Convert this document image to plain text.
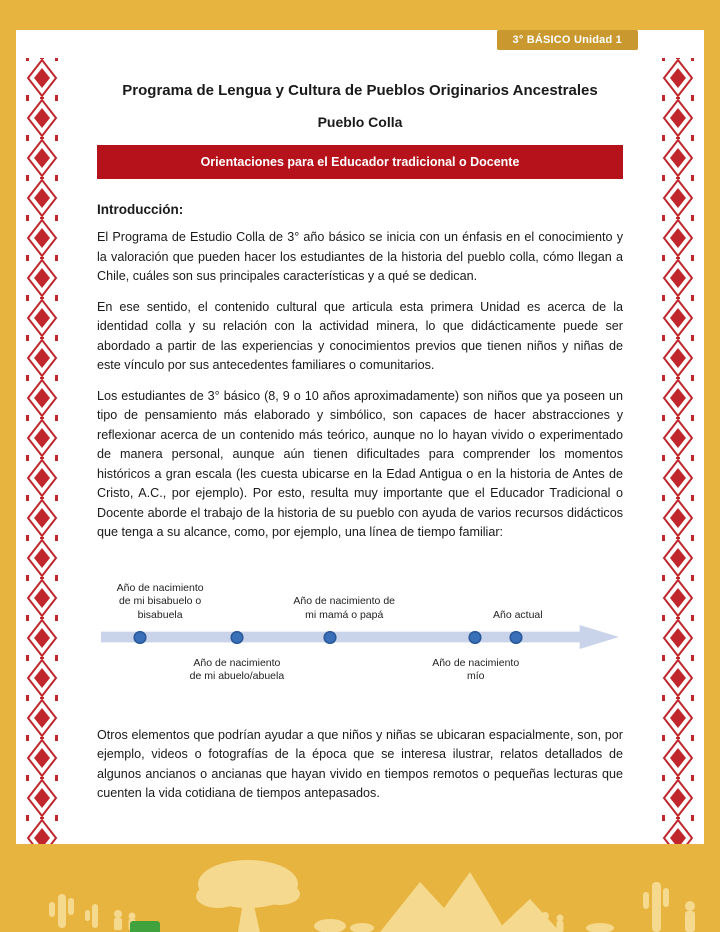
3° BÁSICO Unidad 1
Programa de Lengua y Cultura de Pueblos Originarios Ancestrales
Pueblo Colla
Orientaciones para el Educador tradicional o Docente
Introducción:

El Programa de Estudio Colla de 3° año básico se inicia con un énfasis en el conocimiento y la valoración que pueden hacer los estudiantes de la historia del pueblo colla, cómo llegan a Chile, cuáles son sus principales características y a qué se dedican.

En ese sentido, el contenido cultural que articula esta primera Unidad es acerca de la identidad colla y su relación con la actividad minera, lo que didácticamente puede ser abordado a partir de las experiencias y conocimientos previos que tienen niños y niñas de este vínculo por sus antecedentes familiares o comunitarios.

Los estudiantes de 3° básico (8, 9 o 10 años aproximadamente) son niños que ya poseen un tipo de pensamiento más elaborado y simbólico, son capaces de hacer abstracciones y reflexionar acerca de un contenido más teórico, aunque no lo hayan vivido o experimentado de manera personal, aunque aún tienen dificultades para comprender los momentos históricos a gran escala (les cuesta ubicarse en la Edad Antigua o en la historia de Antes de Cristo, A.C., por ejemplo). Por esto, resulta muy importante que el Educador Tradicional o Docente aborde el trabajo de la historia de su pueblo con ayuda de varios recursos didácticos que tenga a su alcance, como, por ejemplo, una línea de tiempo familiar:

Año de nacimiento de mi bisabuelo o bisabuela
Año de nacimiento de mi abuelo/abuela
Año de nacimiento de mi mamá o papá
Año de nacimiento mío
Año actual

Otros elementos que podrían ayudar a que niños y niñas se ubicaran espacialmente, son, por ejemplo, videos o fotografías de la época que se interesa ilustrar, relatos detallados de algunos ancianos o ancianas que hayan vivido en tiempos remotos o pequeñas lecturas que cuenten la vida cotidiana de tiempos antepasados.
